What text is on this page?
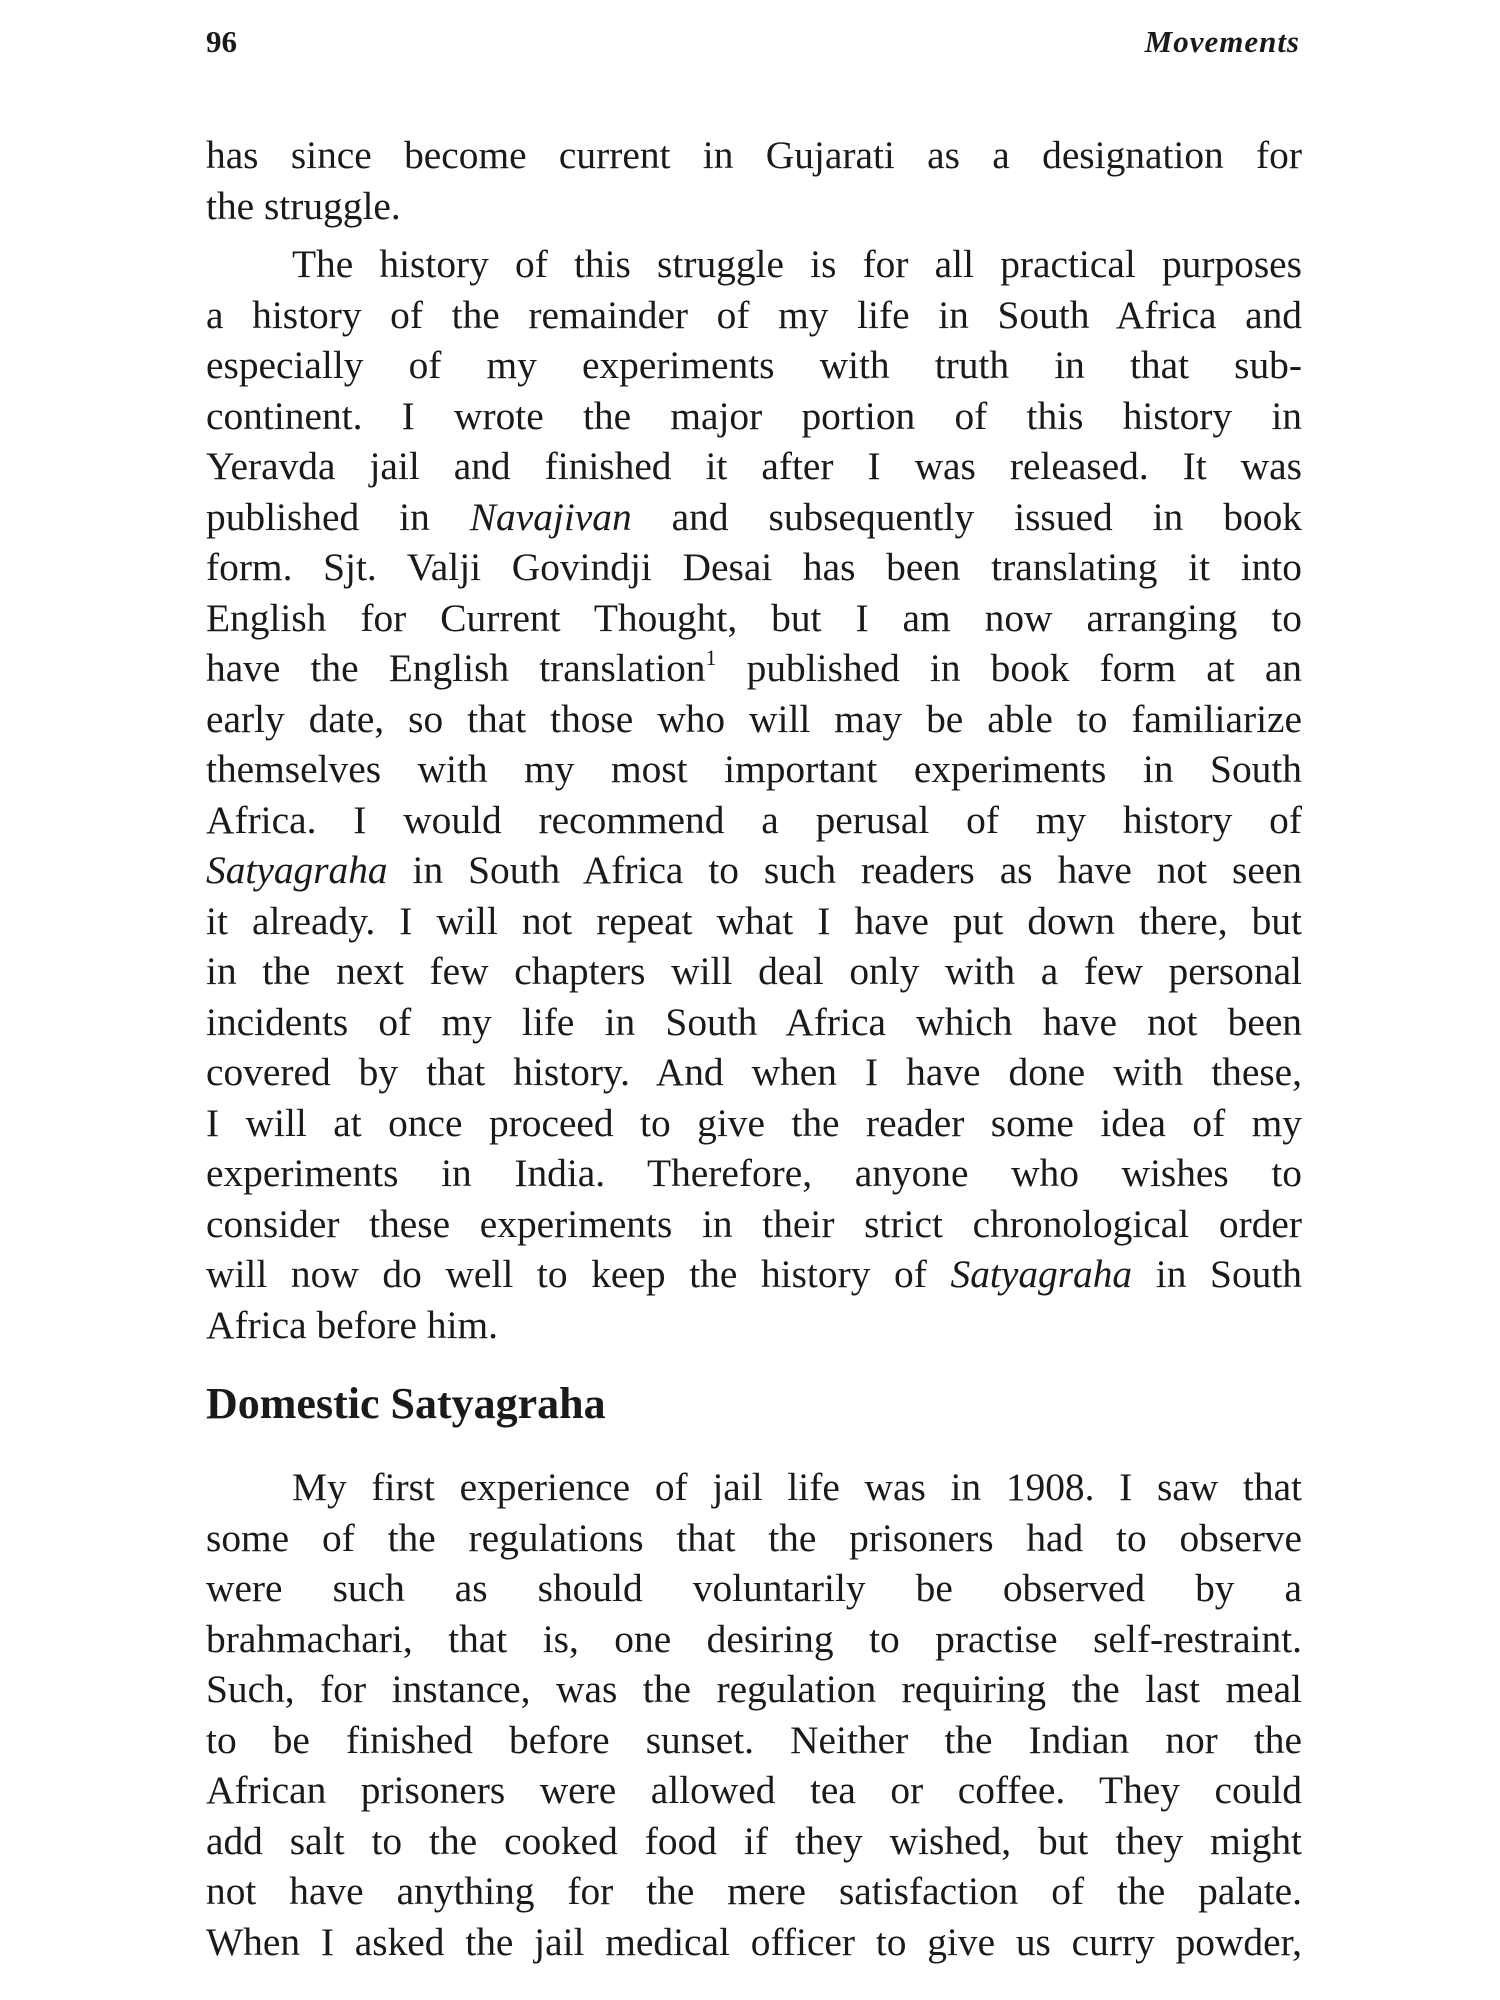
96	Movements
has since become current in Gujarati as a designation for
the struggle.
The history of this struggle is for all practical purposes
a history of the remainder of my life in South Africa and
especially of my experiments with truth in that sub-
continent. I wrote the major portion of this history in
Yeravda jail and finished it after I was released. It was
published in Navajivan and subsequently issued in book
form. Sjt. Valji Govindji Desai has been translating it into
English for Current Thought, but I am now arranging to
have the English translation$^1$ published in book form at an
early date, so that those who will may be able to familiarize
themselves with my most important experiments in South
Africa. I would recommend a perusal of my history of
Satyagraha in South Africa to such readers as have not seen
it already. I will not repeat what I have put down there, but
in the next few chapters will deal only with a few personal
incidents of my life in South Africa which have not been
covered by that history. And when I have done with these,
I will at once proceed to give the reader some idea of my
experiments in India. Therefore, anyone who wishes to
consider these experiments in their strict chronological order
will now do well to keep the history of Satyagraha in South
Africa before him.
Domestic Satyagraha
My first experience of jail life was in 1908. I saw that
some of the regulations that the prisoners had to observe
were such as should voluntarily be observed by a
brahmachari, that is, one desiring to practise self-restraint.
Such, for instance, was the regulation requiring the last meal
to be finished before sunset. Neither the Indian nor the
African prisoners were allowed tea or coffee. They could
add salt to the cooked food if they wished, but they might
not have anything for the mere satisfaction of the palate.
When I asked the jail medical officer to give us curry powder,
